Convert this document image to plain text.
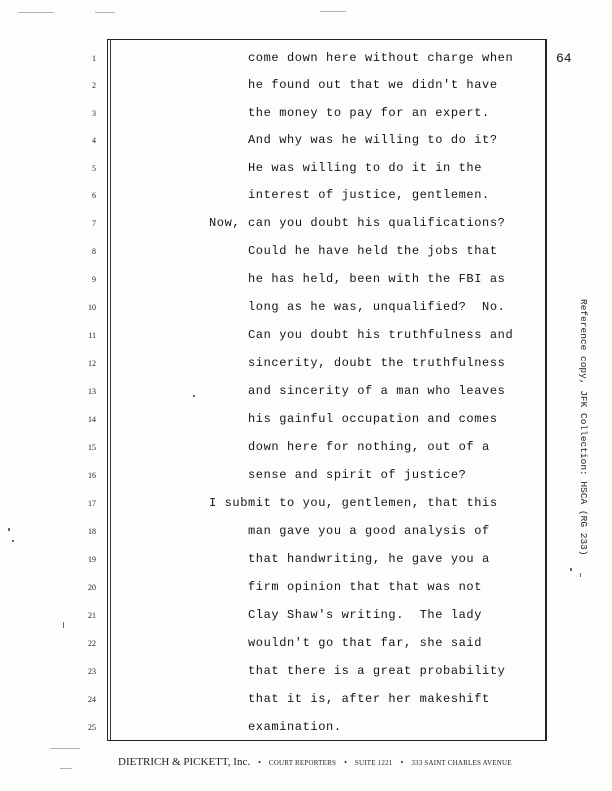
64
1
2
3
4
5
6
7
8
9
10
11
12
13
14
15
16
17
18
19
20
21
22
23
24
25
come down here without charge when
he found out that we didn't have
the money to pay for an expert.
And why was he willing to do it?
He was willing to do it in the
interest of justice, gentlemen.
Now, can you doubt his qualifications?
Could he have held the jobs that
he has held, been with the FBI as
long as he was, unqualified?  No.
Can you doubt his truthfulness and
sincerity, doubt the truthfulness
and sincerity of a man who leaves
his gainful occupation and comes
down here for nothing, out of a
sense and spirit of justice?
I submit to you, gentlemen, that this
man gave you a good analysis of
that handwriting, he gave you a
firm opinion that that was not
Clay Shaw's writing.  The lady
wouldn't go that far, she said
that there is a great probability
that it is, after her makeshift
examination.
Reference copy, JFK Collection: HSCA (RG 233)
DIETRICH & PICKETT, Inc. • COURT REPORTERS • SUITE 1221 • 333 SAINT CHARLES AVENUE
